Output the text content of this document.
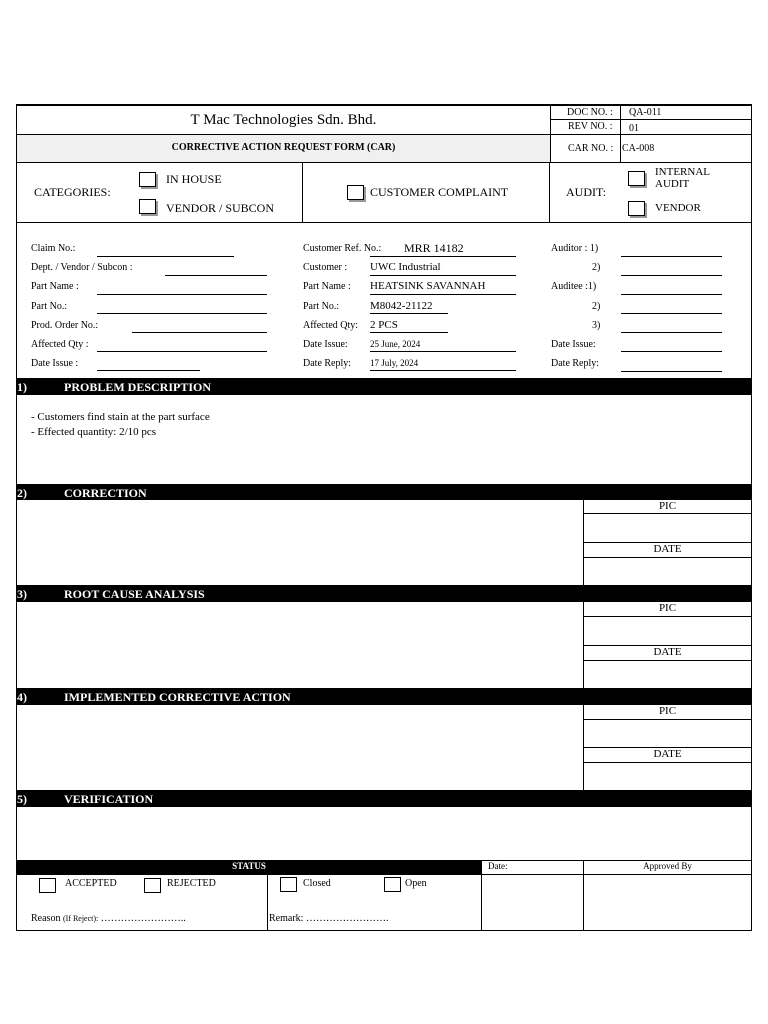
T Mac Technologies Sdn. Bhd.
CORRECTIVE ACTION REQUEST FORM (CAR)
DOC NO. : QA-011
REV NO. : 01
CAR NO. : CA-008
CATEGORIES:
IN HOUSE
VENDOR / SUBCON
CUSTOMER COMPLAINT	AUDIT:
INTERNAL
AUDIT
VENDOR
Claim No.:
Dept. / Vendor / Subcon :
Part Name :
Part No.:
Prod. Order No.:
Affected Qty :
Date Issue :
Customer Ref. No.: MRR 14182
Customer : UWC Industrial
Part Name : HEATSINK SAVANNAH
Part No.:	M8042-21122
Affected Qty: 2 PCS
Date Issue: 25 June, 2024
Date Reply: 17 July, 2024
Auditor : 1)
2)
Auditee :1)
2)
3)
Date Issue:
Date Reply:
1)	PROBLEM DESCRIPTION
- Customers find stain at the part surface
- Effected quantity: 2/10 pcs
2)	CORRECTION
PIC
DATE
3)	ROOT CAUSE ANALYSIS
PIC
DATE
4)	IMPLEMENTED CORRECTIVE ACTION
PIC
DATE
5)	VERIFICATION
STATUS	Date:	Approved By
ACCEPTED	REJECTED	Closed	Open
Reason (If Reject): ……………………..	Remark: …………………….
